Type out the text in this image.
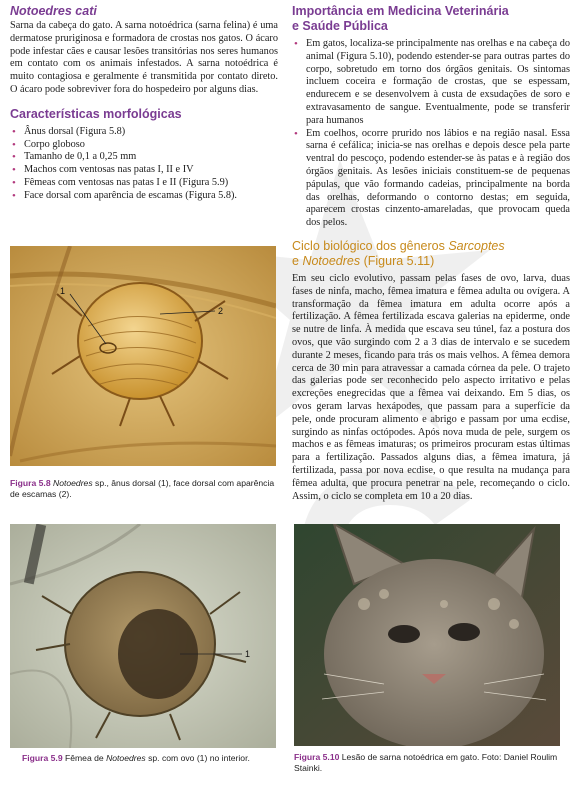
Notoedres cati

Sarna da cabeça do gato. A sarna notoédrica (sarna felina) é uma dermatose pruriginosa e formadora de crostas nos gatos. O ácaro pode infestar cães e causar lesões transitórias nos seres humanos em contato com os animais infestados. A sarna notoédrica é muito contagiosa e geralmente é transmitida por contato direto. O ácaro pode sobreviver fora do hospedeiro por alguns dias.

Características morfológicas
• Ânus dorsal (Figura 5.8)
• Corpo globoso
• Tamanho de 0,1 a 0,25 mm
• Machos com ventosas nas patas I, II e IV
• Fêmeas com ventosas nas patas I e II (Figura 5.9)
• Face dorsal com aparência de escamas (Figura 5.8).
Importância em Medicina Veterinária
e Saúde Pública
• Em gatos, localiza-se principalmente nas orelhas e na cabeça do animal (Figura 5.10), podendo estender-se para outras partes do corpo, sobretudo em torno dos órgãos genitais. Os sintomas incluem coceira e formação de crostas, que se espessam, endurecem e se desenvolvem à custa de exsudações de soro e extravasamento de sangue. Eventualmente, pode se transferir para humanos
• Em coelhos, ocorre prurido nos lábios e na região nasal. Essa sarna é cefálica; inicia-se nas orelhas e depois desce pela parte ventral do pescoço, podendo estender-se às patas e à região dos órgãos genitais. As lesões iniciais constituem-se de pequenas pápulas, que vão formando cadeias, principalmente na borda das orelhas, deformando o contorno destas; em seguida, aparecem crostas cinzento-amareladas, que provocam queda dos pelos.
Ciclo biológico dos gêneros Sarcoptes
e Notoedres (Figura 5.11)

Em seu ciclo evolutivo, passam pelas fases de ovo, larva, duas fases de ninfa, macho, fêmea imatura e fêmea adulta ou ovígera. A transformação da fêmea imatura em adulta ocorre após a fertilização. A fêmea fertilizada escava galerias na epiderme, onde se nutre de linfa. À medida que escava seu túnel, faz a postura dos ovos, que vão surgindo com 2 a 3 dias de intervalo e se sucedem durante 2 meses, ficando para trás os mais velhos. A fêmea demora cerca de 30 min para atravessar a camada córnea da pele. O trajeto das galerias pode ser reconhecido pelo aspecto irritativo e pelas excreções enegrecidas que a fêmea vai deixando. Em 5 dias, os ovos geram larvas hexápodes, que passam para a superfície da pele, onde procuram alimento e abrigo e passam por uma ecdise, surgindo as ninfas octópodes. Após nova muda de pele, surgem os machos e as fêmeas imaturas; os primeiros procuram estas últimas para a fertilização. Passados alguns dias, a fêmea imatura, já fertilizada, passa por nova ecdise, o que resulta na mudança para fêmea adulta, que procura penetrar na pele, recomeçando o ciclo. Assim, o ciclo se completa em 10 a 20 dias.

1
2
Figura 5.8 Notoedres sp., ânus dorsal (1), face dorsal com aparência de escamas (2).
1
Figura 5.9 Fêmea de Notoedres sp. com ovo (1) no interior.	Figura 5.10 Lesão de sarna notoédrica em gato. Foto: Daniel Roulim Stainki.
